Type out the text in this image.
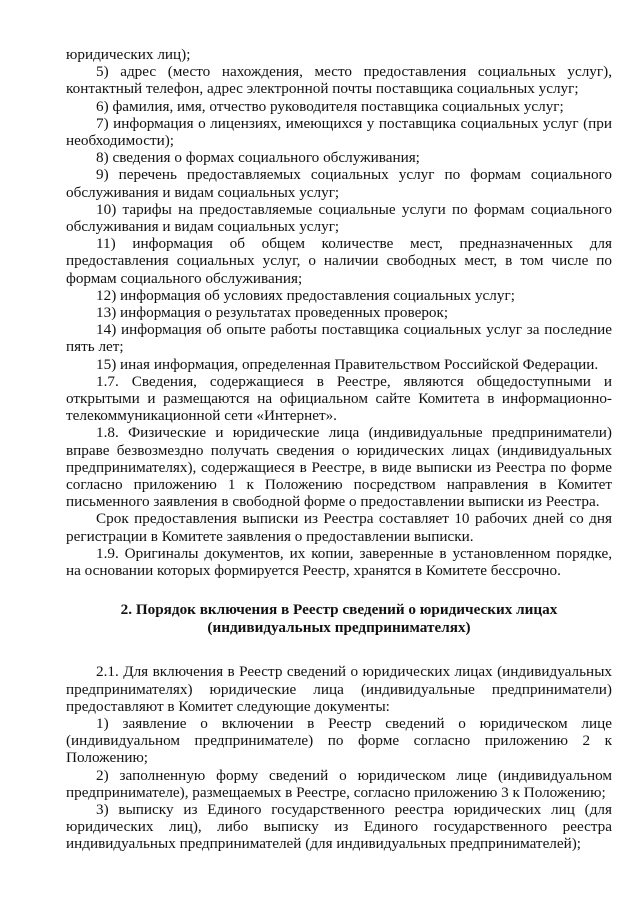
юридических лиц);

5) адрес (место нахождения, место предоставления социальных услуг), контактный телефон, адрес электронной почты поставщика социальных услуг;

6) фамилия, имя, отчество руководителя поставщика социальных услуг;

7) информация о лицензиях, имеющихся у поставщика социальных услуг (при необходимости);

8) сведения о формах социального обслуживания;

9) перечень предоставляемых социальных услуг по формам социального обслуживания и видам социальных услуг;

10) тарифы на предоставляемые социальные услуги по формам социального обслуживания и видам социальных услуг;

11) информация об общем количестве мест, предназначенных для предоставления социальных услуг, о наличии свободных мест, в том числе по формам социального обслуживания;

12) информация об условиях предоставления социальных услуг;

13) информация о результатах проведенных проверок;

14) информация об опыте работы поставщика социальных услуг за последние пять лет;

15) иная информация, определенная Правительством Российской Федерации.

1.7. Сведения, содержащиеся в Реестре, являются общедоступными и открытыми и размещаются на официальном сайте Комитета в информационно-телекоммуникационной сети «Интернет».

1.8. Физические и юридические лица (индивидуальные предприниматели) вправе безвозмездно получать сведения о юридических лицах (индивидуальных предпринимателях), содержащиеся в Реестре, в виде выписки из Реестра по форме согласно приложению 1 к Положению посредством направления в Комитет письменного заявления в свободной форме о предоставлении выписки из Реестра.

Срок предоставления выписки из Реестра составляет 10 рабочих дней со дня регистрации в Комитете заявления о предоставлении выписки.

1.9. Оригиналы документов, их копии, заверенные в установленном порядке, на основании которых формируется Реестр, хранятся в Комитете бессрочно.

2. Порядок включения в Реестр сведений о юридических лицах (индивидуальных предпринимателях)

2.1. Для включения в Реестр сведений о юридических лицах (индивидуальных предпринимателях) юридические лица (индивидуальные предприниматели) предоставляют в Комитет следующие документы:

1) заявление о включении в Реестр сведений о юридическом лице (индивидуальном предпринимателе) по форме согласно приложению 2 к Положению;

2) заполненную форму сведений о юридическом лице (индивидуальном предпринимателе), размещаемых в Реестре, согласно приложению 3 к Положению;

3) выписку из Единого государственного реестра юридических лиц (для юридических лиц), либо выписку из Единого государственного реестра индивидуальных предпринимателей (для индивидуальных предпринимателей);
